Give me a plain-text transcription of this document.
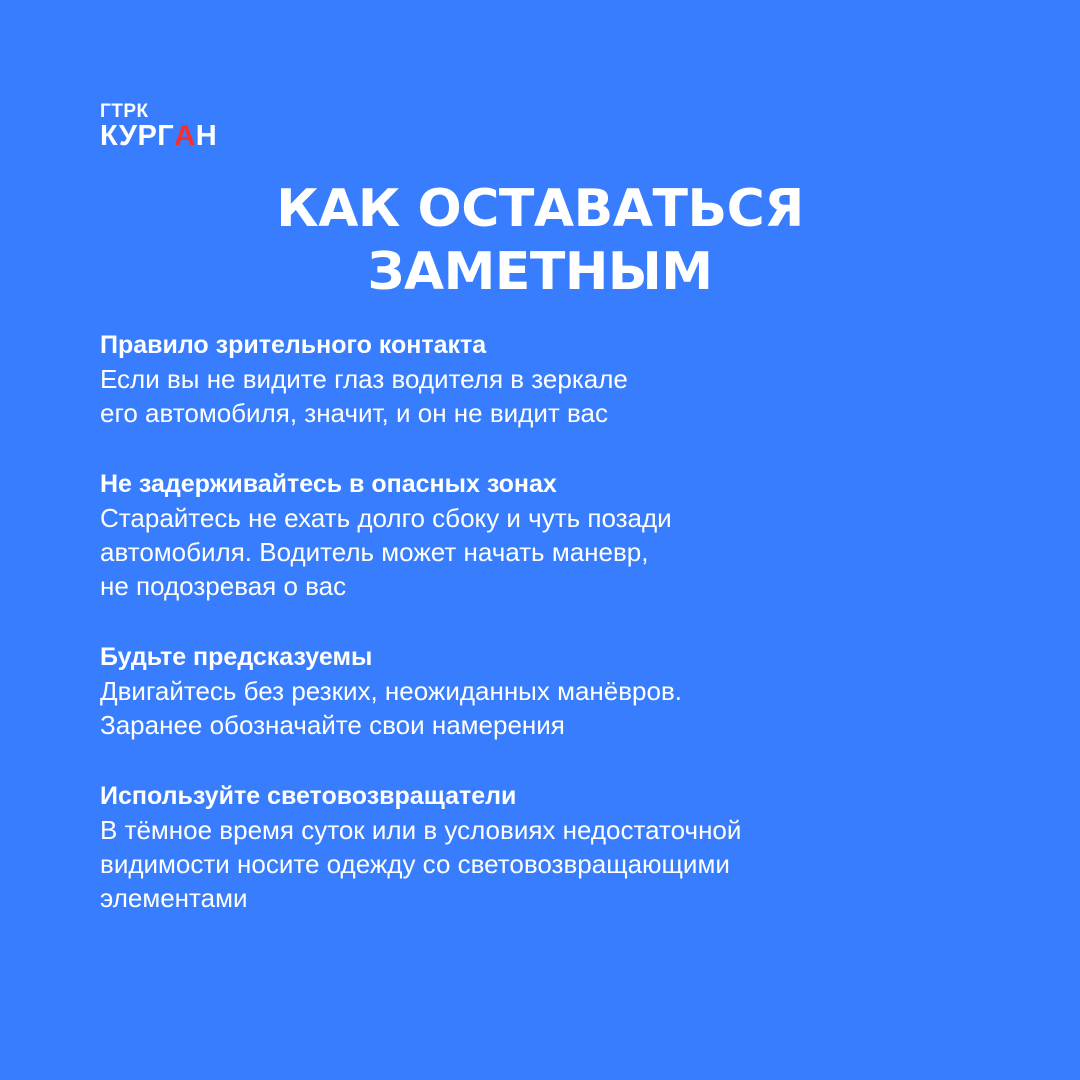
ГТРК
КУРГАН
КАК ОСТАВАТЬСЯ
ЗАМЕТНЫМ

Правило зрительного контакта

Если вы не видите глаз водителя в зеркале
его автомобиля, значит, и он не видит вас

Не задерживайтесь в опасных зонах

Старайтесь не ехать долго сбоку и чуть позади
автомобиля. Водитель может начать маневр,
не подозревая о вас

Будьте предсказуемы

Двигайтесь без резких, неожиданных манёвров.
Заранее обозначайте свои намерения

Используйте световозвращатели

В тёмное время суток или в условиях недостаточной
видимости носите одежду со световозвращающими
элементами
